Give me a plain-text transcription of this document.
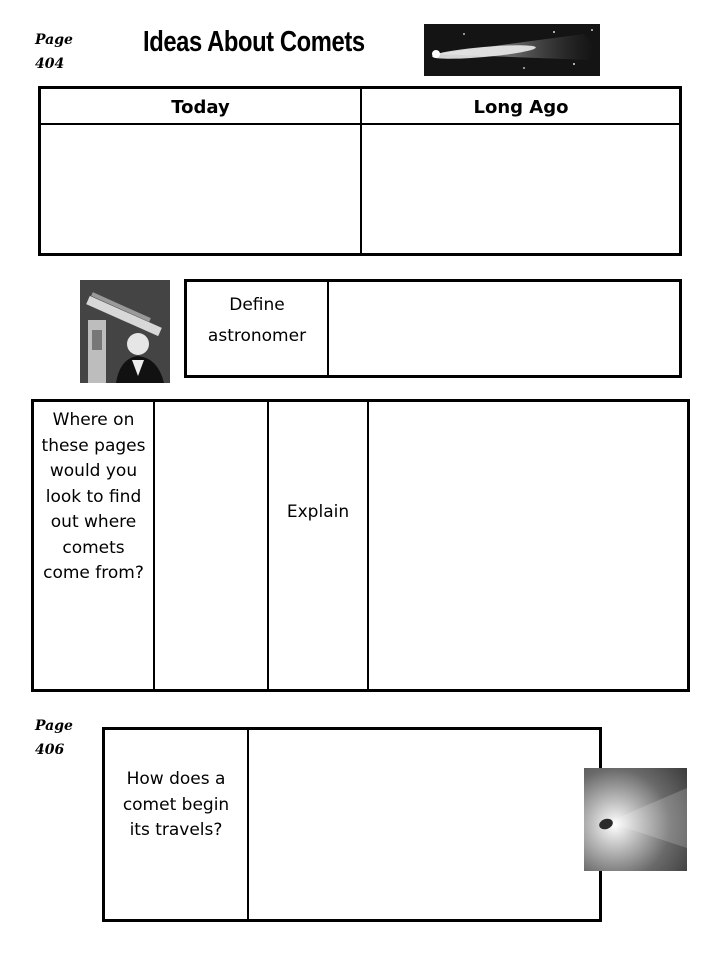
Page
404
Ideas About Comets
Today	Long Ago
Define
astronomer
Where on these pages would you look to find out where comets come from?
Explain
Page
406
How does a comet begin its travels?
